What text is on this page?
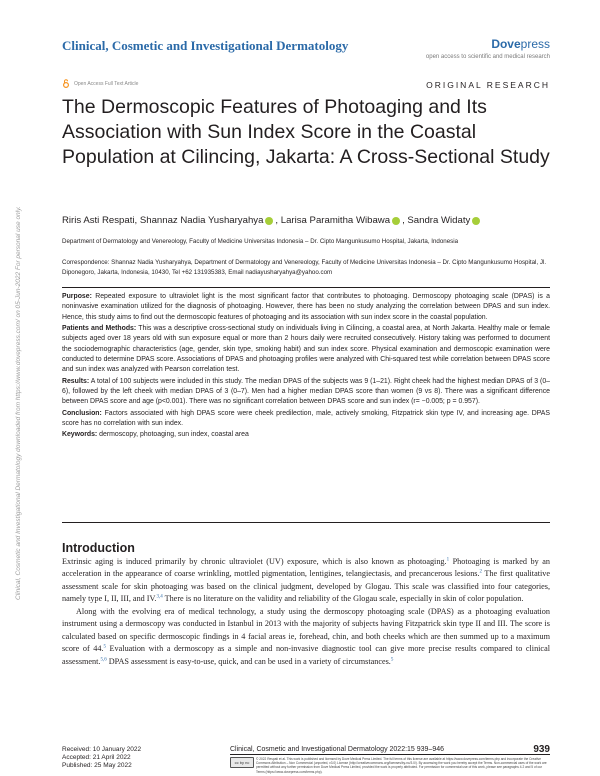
Clinical, Cosmetic and Investigational Dermatology	Dovepress
open access to scientific and medical research
Open Access Full Text Article	ORIGINAL RESEARCH
The Dermoscopic Features of Photoaging and Its Association with Sun Index Score in the Coastal Population at Cilincing, Jakarta: A Cross-Sectional Study
Riris Asti Respati,
Shannaz Nadia Yusharyahya , Larisa Paramitha Wibawa , Sandra Widaty
Department of Dermatology and Venereology, Faculty of Medicine Universitas Indonesia – Dr. Cipto Mangunkusumo Hospital, Jakarta, Indonesia
Correspondence: Shannaz Nadia Yusharyahya, Department of Dermatology and Venereology, Faculty of Medicine Universitas Indonesia – Dr. Cipto Mangunkusumo Hospital, Jl. Diponegoro, Jakarta, Indonesia, 10430, Tel +62 131935383, Email nadiayusharyahya@yahoo.com

Purpose: Repeated exposure to ultraviolet light is the most significant factor that contributes to photoaging. Dermoscopy photoaging scale (DPAS) is a noninvasive examination utilized for the diagnosis of photoaging. However, there has been no study analyzing the correlation between DPAS and sun index. Hence, this study aims to find out the dermoscopic features of photoaging and its association with sun index score in the coastal population.

Patients and Methods: This was a descriptive cross-sectional study on individuals living in Cilincing, a coastal area, at North Jakarta. Healthy male or female subjects aged over 18 years old with sun exposure equal or more than 2 hours daily were recruited consecutively. History taking was performed to document the sociodemographic characteristics (age, gender, skin type, smoking habit) and sun index score. Physical examination and dermoscopic examination were conducted to determine DPAS score. Associations of DPAS and photoaging profiles were analyzed with Chi-squared test while correlation between DPAS score and sun index was analyzed with Pearson correlation test.

Results: A total of 100 subjects were included in this study. The median DPAS of the subjects was 9 (1–21). Right cheek had the highest median DPAS of 3 (0–6), followed by the left cheek with median DPAS of 3 (0–7). Men had a higher median DPAS score than women (9 vs 8). There was a significant difference between DPAS score and age (p<0.001). There was no significant correlation between DPAS score and sun index (r= −0.005; p = 0.957).

Conclusion: Factors associated with high DPAS score were cheek predilection, male, actively smoking, Fitzpatrick skin type IV, and increasing age. DPAS score has no correlation with sun index.

Keywords: dermoscopy, photoaging, sun index, coastal area

Introduction

Extrinsic aging is induced primarily by chronic ultraviolet (UV) exposure, which is also known as photoaging.$^1$ Photoaging is marked by an acceleration in the appearance of coarse wrinkling, mottled pigmentation, lentigines, telangiectasis, and precancerous lesions.$^2$ The first qualitative assessment scale for skin photoaging was based on the clinical judgment, developed by Glogau. This scale was classified into four categories, namely type I, II, III, and IV.$^{3,4}$ There is no literature on the validity and reliability of the Glogau scale, especially in skin of color population.

Along with the evolving era of medical technology, a study using the dermoscopy photoaging scale (DPAS) as a photoaging evaluation instrument using a dermoscopy was conducted in Istanbul in 2013 with the majority of subjects having Fitzpatrick skin type II and III. The score is calculated based on specific dermoscopic findings in 4 facial areas ie, forehead, chin, and both cheeks which are then summed up to a maximum score of 44.$^5$ Evaluation with a dermoscopy as a simple and non-invasive diagnostic tool can give more precise results compared to clinical assessment.$^{5,6}$ DPAS assessment is easy-to-use, quick, and can be used in a variety of circumstances.$^5$

Received: 10 January 2022
Accepted: 21 April 2022
Published: 25 May 2022
Clinical, Cosmetic and Investigational Dermatology 2022:15 939–946	939
cc by nc
© 2022 Respati et al. This work is published and licensed by Dove Medical Press Limited. The full terms of this license are available at https://www.dovepress.com/terms.php and incorporate the Creative Commons Attribution – Non Commercial (unported, v3.0) License (http://creativecommons.org/licenses/by-nc/3.0/). By accessing the work you hereby accept the Terms. Non-commercial uses of the work are permitted without any further permission from Dove Medical Press Limited, provided the work is properly attributed. For permission for commercial use of this work, please see paragraphs 4.2 and 5 of our Terms (https://www.dovepress.com/terms.php).
Clinical, Cosmetic and Investigational Dermatology downloaded from https://www.dovepress.com/ on 05-Jun-2022 For personal use only.
